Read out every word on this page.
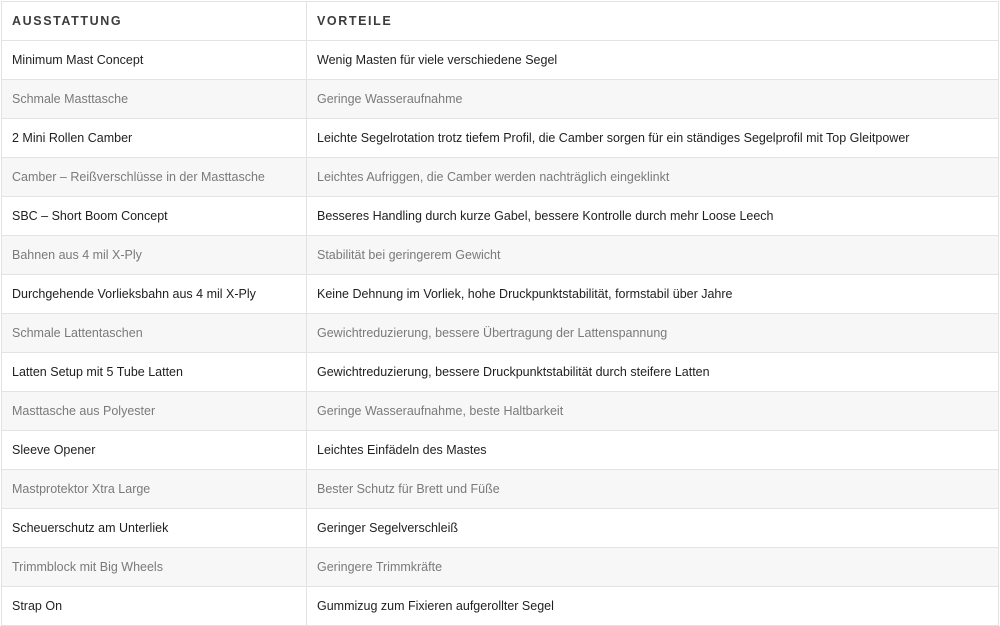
AUSSTATTUNG	VORTEILE
Minimum Mast Concept	Wenig Masten für viele verschiedene Segel
Schmale Masttasche	Geringe Wasseraufnahme
2 Mini Rollen Camber	Leichte Segelrotation trotz tiefem Profil, die Camber sorgen für ein ständiges Segelprofil mit Top Gleitpower
Camber – Reißverschlüsse in der Masttasche	Leichtes Aufriggen, die Camber werden nachträglich eingeklinkt
SBC – Short Boom Concept	Besseres Handling durch kurze Gabel, bessere Kontrolle durch mehr Loose Leech
Bahnen aus 4 mil X-Ply	Stabilität bei geringerem Gewicht
Durchgehende Vorlieksbahn aus 4 mil X-Ply	Keine Dehnung im Vorliek, hohe Druckpunktstabilität, formstabil über Jahre
Schmale Lattentaschen	Gewichtreduzierung, bessere Übertragung der Lattenspannung
Latten Setup mit 5 Tube Latten	Gewichtreduzierung, bessere Druckpunktstabilität durch steifere Latten
Masttasche aus Polyester	Geringe Wasseraufnahme, beste Haltbarkeit
Sleeve Opener	Leichtes Einfädeln des Mastes
Mastprotektor Xtra Large	Bester Schutz für Brett und Füße
Scheuerschutz am Unterliek	Geringer Segelverschleiß
Trimmblock mit Big Wheels	Geringere Trimmkräfte
Strap On	Gummizug zum Fixieren aufgerollter Segel
